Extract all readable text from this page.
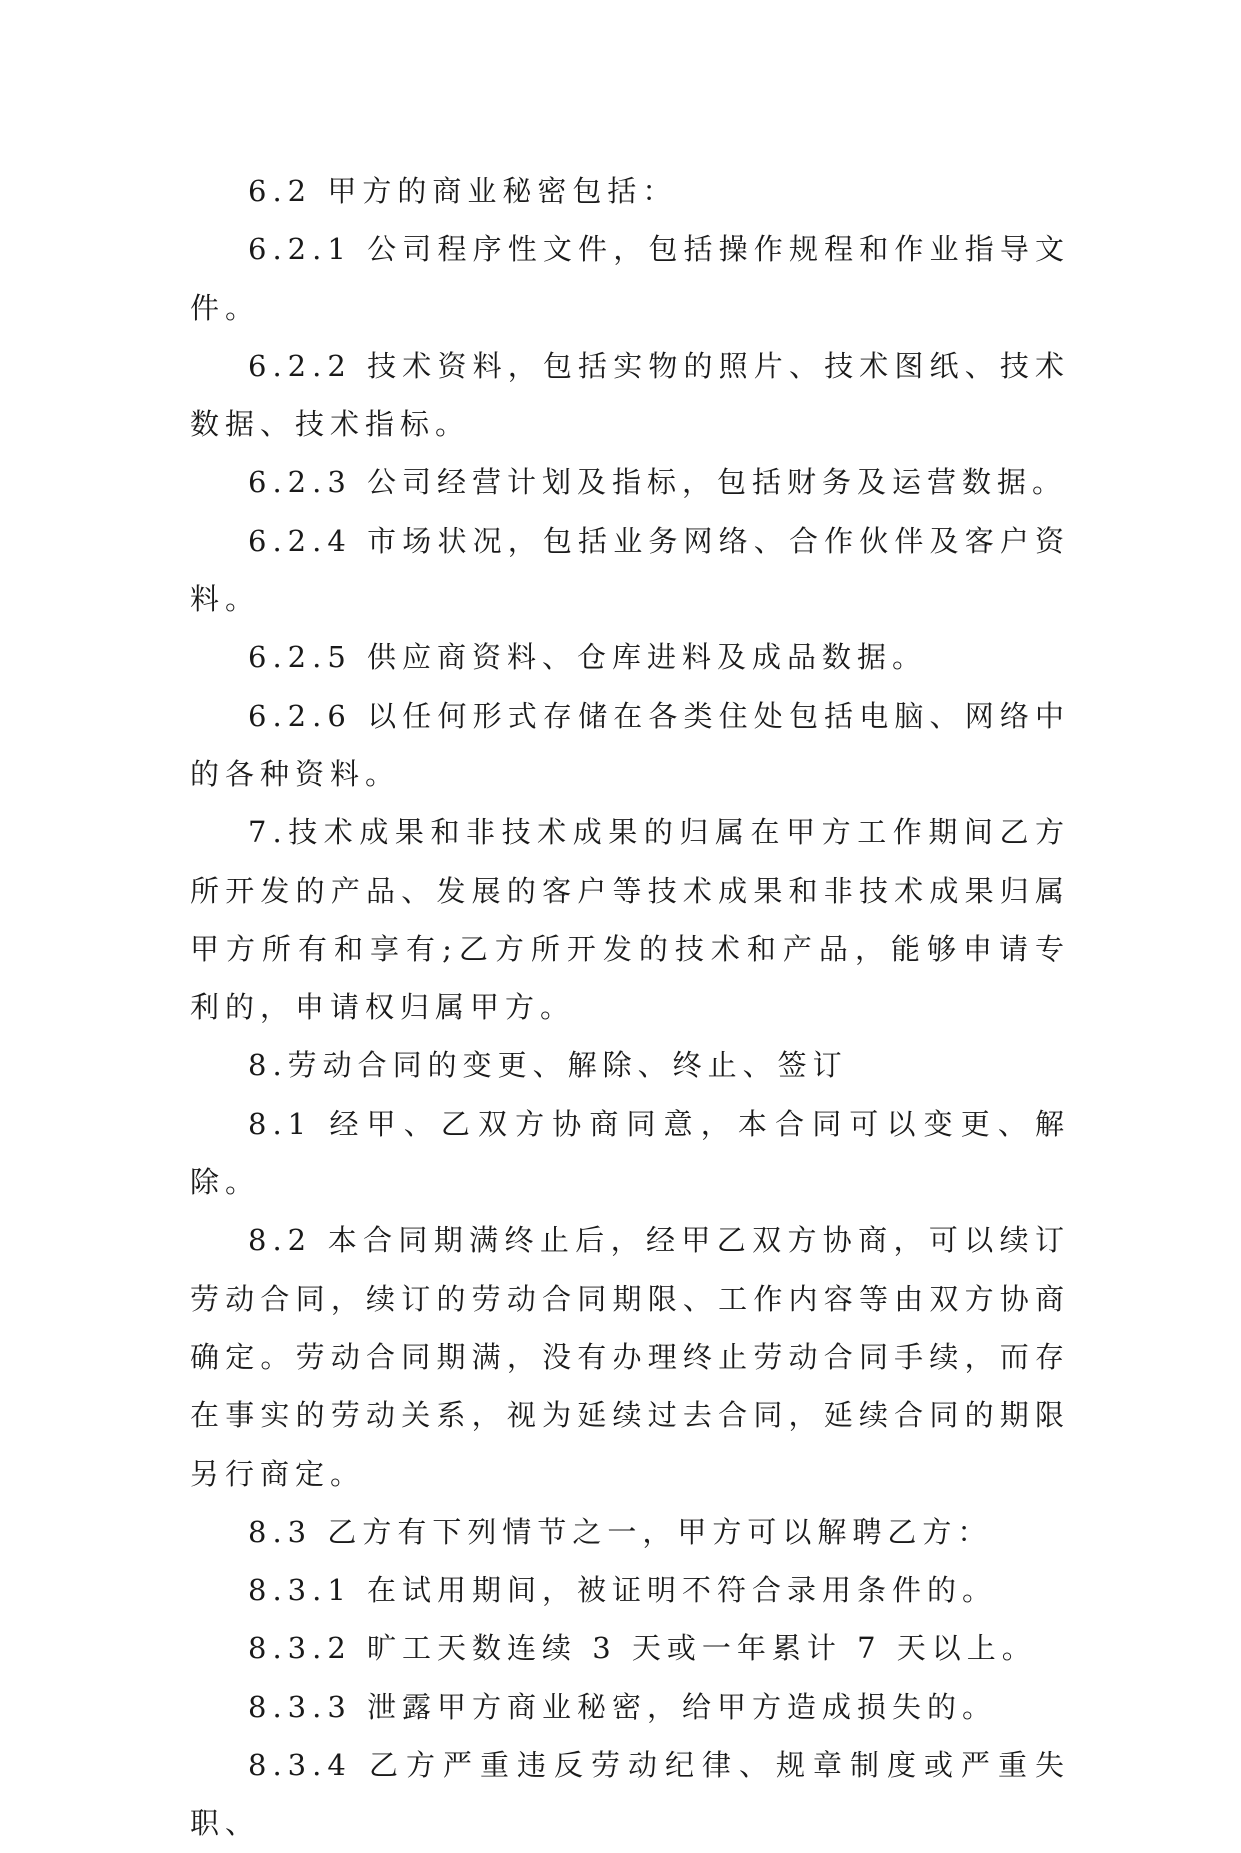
6.2 甲方的商业秘密包括：

6.2.1 公司程序性文件，包括操作规程和作业指导文件。

6.2.2 技术资料，包括实物的照片、技术图纸、技术数据、技术指标。

6.2.3 公司经营计划及指标，包括财务及运营数据。

6.2.4 市场状况，包括业务网络、合作伙伴及客户资料。

6.2.5 供应商资料、仓库进料及成品数据。

6.2.6 以任何形式存储在各类住处包括电脑、网络中的各种资料。

7.技术成果和非技术成果的归属在甲方工作期间乙方所开发的产品、发展的客户等技术成果和非技术成果归属甲方所有和享有;乙方所开发的技术和产品，能够申请专利的，申请权归属甲方。

8.劳动合同的变更、解除、终止、签订

8.1 经甲、乙双方协商同意，本合同可以变更、解除。

8.2 本合同期满终止后，经甲乙双方协商，可以续订劳动合同，续订的劳动合同期限、工作内容等由双方协商确定。劳动合同期满，没有办理终止劳动合同手续，而存在事实的劳动关系，视为延续过去合同，延续合同的期限另行商定。

8.3 乙方有下列情节之一，甲方可以解聘乙方：

8.3.1 在试用期间，被证明不符合录用条件的。

8.3.2 旷工天数连续 3 天或一年累计 7 天以上。

8.3.3 泄露甲方商业秘密，给甲方造成损失的。

8.3.4 乙方严重违反劳动纪律、规章制度或严重失职、
